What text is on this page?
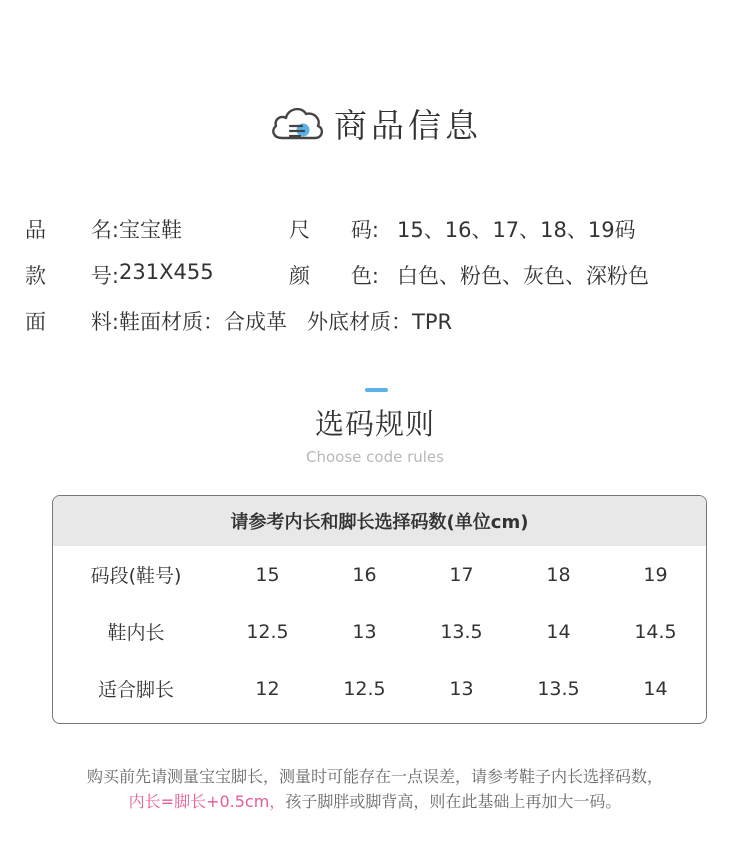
商品信息
品 名: 宝宝鞋	尺 码: 15、16、17、18、19码
款 号: 231X455	颜 色: 白色、粉色、灰色、深粉色
面 料: 鞋面材质：合成革   外底材质：TPR
选码规则
Choose code rules
请参考内长和脚长选择码数(单位cm)
码段(鞋号)	15	16	17	18	19
鞋内长	12.5	13	13.5	14	14.5
适合脚长	12	12.5	13	13.5	14
购买前先请测量宝宝脚长，测量时可能存在一点误差，请参考鞋子内长选择码数，
内长=脚长+0.5cm，孩子脚胖或脚背高，则在此基础上再加大一码。
